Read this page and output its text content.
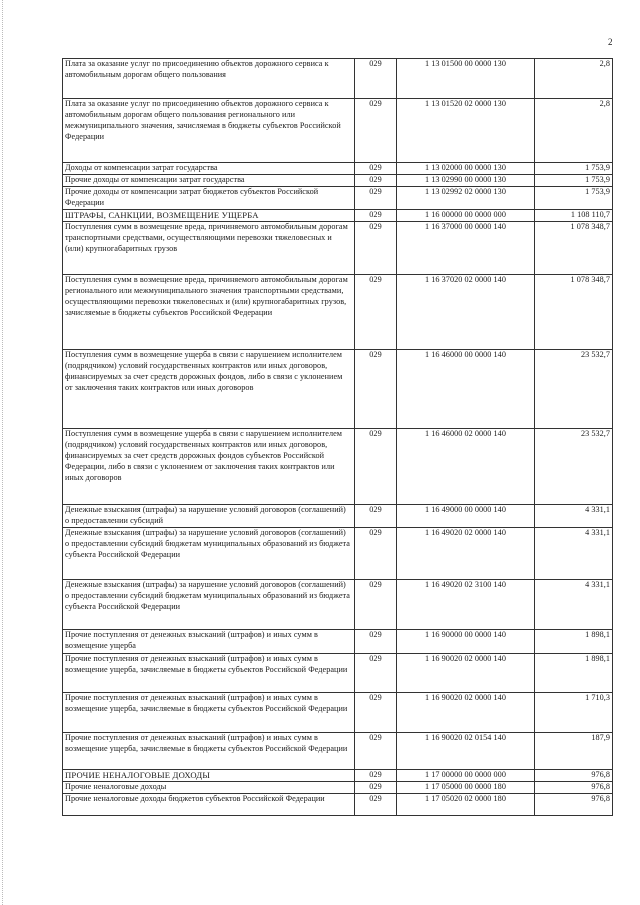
2
Плата за оказание услуг по присоединению объектов дорожного сервиса к автомобильным дорогам общего пользования	029	1 13 01500 00 0000 130	2,8
Плата за оказание услуг по присоединению объектов дорожного сервиса к автомобильным дорогам общего пользования регионального или межмуниципального значения, зачисляемая в бюджеты субъектов Российской Федерации	029	1 13 01520 02 0000 130	2,8
Доходы от компенсации затрат государства	029	1 13 02000 00 0000 130	1 753,9
Прочие доходы от компенсации затрат государства	029	1 13 02990 00 0000 130	1 753,9
Прочие доходы от компенсации затрат бюджетов субъектов Российской Федерации	029	1 13 02992 02 0000 130	1 753,9
ШТРАФЫ, САНКЦИИ, ВОЗМЕЩЕНИЕ УЩЕРБА	029	1 16 00000 00 0000 000	1 108 110,7
Поступления сумм в возмещение вреда, причиняемого автомобильным дорогам транспортными средствами, осуществляющими перевозки тяжеловесных и (или) крупногабаритных грузов	029	1 16 37000 00 0000 140	1 078 348,7
Поступления сумм в возмещение вреда, причиняемого автомобильным дорогам регионального или межмуниципального значения транспортными средствами, осуществляющими перевозки тяжеловесных и (или) крупногабаритных грузов, зачисляемые в бюджеты субъектов Российской Федерации	029	1 16 37020 02 0000 140	1 078 348,7
Поступления сумм в возмещение ущерба в связи с нарушением исполнителем (подрядчиком) условий государственных контрактов или иных договоров, финансируемых за счет средств дорожных фондов, либо в связи с уклонением от заключения таких контрактов или иных договоров	029	1 16 46000 00 0000 140	23 532,7
Поступления сумм в возмещение ущерба в связи с нарушением исполнителем (подрядчиком) условий государственных контрактов или иных договоров, финансируемых за счет средств дорожных фондов субъектов Российской Федерации, либо в связи с уклонением от заключения таких контрактов или иных договоров	029	1 16 46000 02 0000 140	23 532,7
Денежные взыскания (штрафы) за нарушение условий договоров (соглашений) о предоставлении субсидий	029	1 16 49000 00 0000 140	4 331,1
Денежные взыскания (штрафы) за нарушение условий договоров (соглашений) о предоставлении субсидий бюджетам муниципальных образований из бюджета субъекта Российской Федерации	029	1 16 49020 02 0000 140	4 331,1
Денежные взыскания (штрафы) за нарушение условий договоров (соглашений) о предоставлении субсидий бюджетам муниципальных образований из бюджета субъекта Российской Федерации	029	1 16 49020 02 3100 140	4 331,1
Прочие поступления от денежных взысканий (штрафов) и иных сумм в возмещение ущерба	029	1 16 90000 00 0000 140	1 898,1
Прочие поступления от денежных взысканий (штрафов) и иных сумм в возмещение ущерба, зачисляемые в бюджеты субъектов Российской Федерации	029	1 16 90020 02 0000 140	1 898,1
Прочие поступления от денежных взысканий (штрафов) и иных сумм в возмещение ущерба, зачисляемые в бюджеты субъектов Российской Федерации	029	1 16 90020 02 0000 140	1 710,3
Прочие поступления от денежных взысканий (штрафов) и иных сумм в возмещение ущерба, зачисляемые в бюджеты субъектов Российской Федерации	029	1 16 90020 02 0154 140	187,9
ПРОЧИЕ НЕНАЛОГОВЫЕ ДОХОДЫ	029	1 17 00000 00 0000 000	976,8
Прочие неналоговые доходы	029	1 17 05000 00 0000 180	976,8
Прочие неналоговые доходы бюджетов субъектов Российской Федерации	029	1 17 05020 02 0000 180	976,8
